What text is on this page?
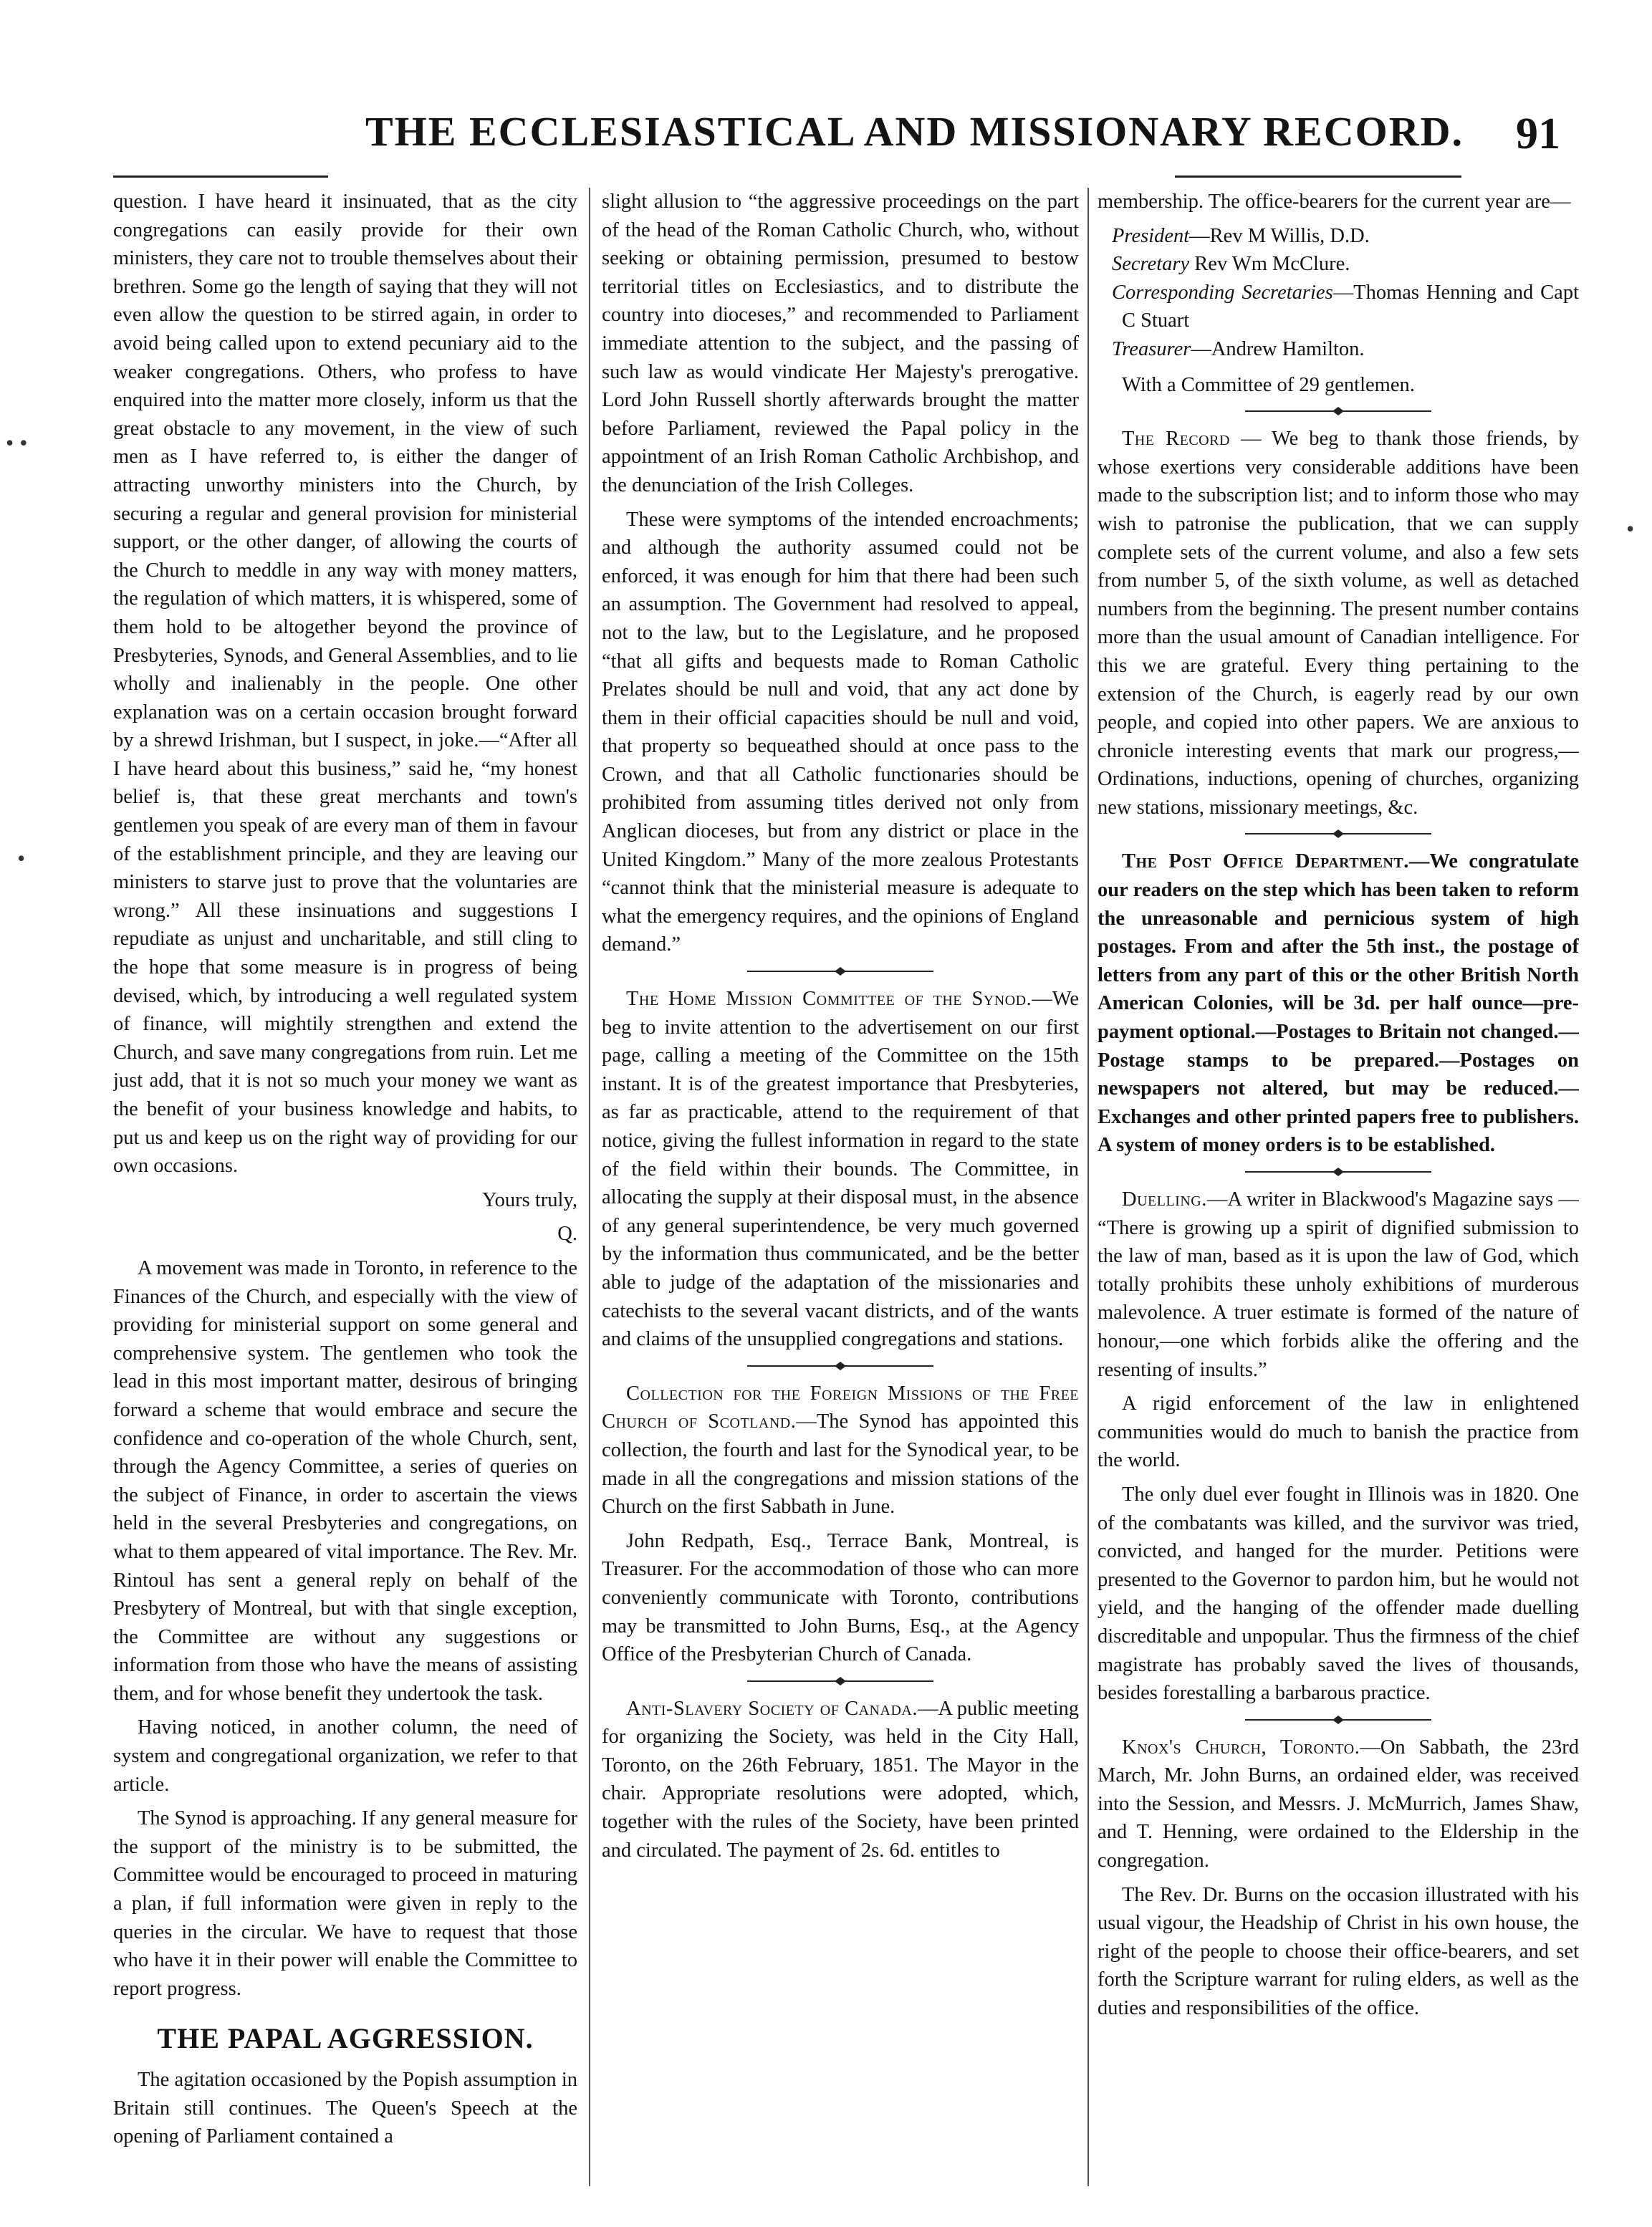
THE ECCLESIASTICAL AND MISSIONARY RECORD. 91
• •
•
•

question. I have heard it insinuated, that as the city congregations can easily provide for their own ministers, they care not to trouble themselves about their brethren. Some go the length of saying that they will not even allow the question to be stirred again, in order to avoid being called upon to extend pecuniary aid to the weaker congregations. Others, who profess to have enquired into the matter more closely, inform us that the great obstacle to any movement, in the view of such men as I have referred to, is either the danger of attracting unworthy ministers into the Church, by securing a regular and general provision for ministerial support, or the other danger, of allowing the courts of the Church to meddle in any way with money matters, the regulation of which matters, it is whispered, some of them hold to be altogether beyond the province of Presbyteries, Synods, and General Assemblies, and to lie wholly and inalienably in the people. One other explanation was on a certain occasion brought forward by a shrewd Irishman, but I suspect, in joke.—“After all I have heard about this business,” said he, “my honest belief is, that these great merchants and town's gentlemen you speak of are every man of them in favour of the establishment principle, and they are leaving our ministers to starve just to prove that the voluntaries are wrong.” All these insinuations and suggestions I repudiate as unjust and uncharitable, and still cling to the hope that some measure is in progress of being devised, which, by introducing a well regulated system of finance, will mightily strengthen and extend the Church, and save many congregations from ruin. Let me just add, that it is not so much your money we want as the benefit of your business knowledge and habits, to put us and keep us on the right way of providing for our own occasions.

Yours truly,

Q.

A movement was made in Toronto, in reference to the Finances of the Church, and especially with the view of providing for ministerial support on some general and comprehensive system. The gentlemen who took the lead in this most important matter, desirous of bringing forward a scheme that would embrace and secure the confidence and co-operation of the whole Church, sent, through the Agency Committee, a series of queries on the subject of Finance, in order to ascertain the views held in the several Presbyteries and congregations, on what to them appeared of vital importance. The Rev. Mr. Rintoul has sent a general reply on behalf of the Presbytery of Montreal, but with that single exception, the Committee are without any suggestions or information from those who have the means of assisting them, and for whose benefit they undertook the task.

Having noticed, in another column, the need of system and congregational organization, we refer to that article.

The Synod is approaching. If any general measure for the support of the ministry is to be submitted, the Committee would be encouraged to proceed in maturing a plan, if full information were given in reply to the queries in the circular. We have to request that those who have it in their power will enable the Committee to report progress.

THE PAPAL AGGRESSION.

The agitation occasioned by the Popish assumption in Britain still continues. The Queen's Speech at the opening of Parliament contained a

slight allusion to “the aggressive proceedings on the part of the head of the Roman Catholic Church, who, without seeking or obtaining permission, presumed to bestow territorial titles on Ecclesiastics, and to distribute the country into dioceses,” and recommended to Parliament immediate attention to the subject, and the passing of such law as would vindicate Her Majesty's prerogative. Lord John Russell shortly afterwards brought the matter before Parliament, reviewed the Papal policy in the appointment of an Irish Roman Catholic Archbishop, and the denunciation of the Irish Colleges.

These were symptoms of the intended encroachments; and although the authority assumed could not be enforced, it was enough for him that there had been such an assumption. The Government had resolved to appeal, not to the law, but to the Legislature, and he proposed “that all gifts and bequests made to Roman Catholic Prelates should be null and void, that any act done by them in their official capacities should be null and void, that property so bequeathed should at once pass to the Crown, and that all Catholic functionaries should be prohibited from assuming titles derived not only from Anglican dioceses, but from any district or place in the United Kingdom.” Many of the more zealous Protestants “cannot think that the ministerial measure is adequate to what the emergency requires, and the opinions of England demand.”

The Home Mission Committee of the Synod.—We beg to invite attention to the advertisement on our first page, calling a meeting of the Committee on the 15th instant. It is of the greatest importance that Presbyteries, as far as practicable, attend to the requirement of that notice, giving the fullest information in regard to the state of the field within their bounds. The Committee, in allocating the supply at their disposal must, in the absence of any general superintendence, be very much governed by the information thus communicated, and be the better able to judge of the adaptation of the missionaries and catechists to the several vacant districts, and of the wants and claims of the unsupplied congregations and stations.

Collection for the Foreign Missions of the Free Church of Scotland.—The Synod has appointed this collection, the fourth and last for the Synodical year, to be made in all the congregations and mission stations of the Church on the first Sabbath in June.

John Redpath, Esq., Terrace Bank, Montreal, is Treasurer. For the accommodation of those who can more conveniently communicate with Toronto, contributions may be transmitted to John Burns, Esq., at the Agency Office of the Presbyterian Church of Canada.

Anti-Slavery Society of Canada.—A public meeting for organizing the Society, was held in the City Hall, Toronto, on the 26th February, 1851. The Mayor in the chair. Appropriate resolutions were adopted, which, together with the rules of the Society, have been printed and circulated. The payment of 2s. 6d. entitles to

membership. The office-bearers for the current year are—

President—Rev M Willis, D.D.
Secretary Rev Wm McClure.
Corresponding Secretaries—Thomas Henning and Capt C Stuart
Treasurer—Andrew Hamilton.

With a Committee of 29 gentlemen.

The Record — We beg to thank those friends, by whose exertions very considerable additions have been made to the subscription list; and to inform those who may wish to patronise the publication, that we can supply complete sets of the current volume, and also a few sets from number 5, of the sixth volume, as well as detached numbers from the beginning. The present number contains more than the usual amount of Canadian intelligence. For this we are grateful. Every thing pertaining to the extension of the Church, is eagerly read by our own people, and copied into other papers. We are anxious to chronicle interesting events that mark our progress,—Ordinations, inductions, opening of churches, organizing new stations, missionary meetings, &c.

The Post Office Department.—We congratulate our readers on the step which has been taken to reform the unreasonable and pernicious system of high postages. From and after the 5th inst., the postage of letters from any part of this or the other British North American Colonies, will be 3d. per half ounce—pre-payment optional.—Postages to Britain not changed.—Postage stamps to be prepared.—Postages on newspapers not altered, but may be reduced.—Exchanges and other printed papers free to publishers. A system of money orders is to be established.

Duelling.—A writer in Blackwood's Magazine says — “There is growing up a spirit of dignified submission to the law of man, based as it is upon the law of God, which totally prohibits these unholy exhibitions of murderous malevolence. A truer estimate is formed of the nature of honour,—one which forbids alike the offering and the resenting of insults.”

A rigid enforcement of the law in enlightened communities would do much to banish the practice from the world.

The only duel ever fought in Illinois was in 1820. One of the combatants was killed, and the survivor was tried, convicted, and hanged for the murder. Petitions were presented to the Governor to pardon him, but he would not yield, and the hanging of the offender made duelling discreditable and unpopular. Thus the firmness of the chief magistrate has probably saved the lives of thousands, besides forestalling a barbarous practice.

Knox's Church, Toronto.—On Sabbath, the 23rd March, Mr. John Burns, an ordained elder, was received into the Session, and Messrs. J. McMurrich, James Shaw, and T. Henning, were ordained to the Eldership in the congregation.

The Rev. Dr. Burns on the occasion illustrated with his usual vigour, the Headship of Christ in his own house, the right of the people to choose their office-bearers, and set forth the Scripture warrant for ruling elders, as well as the duties and responsibilities of the office.
